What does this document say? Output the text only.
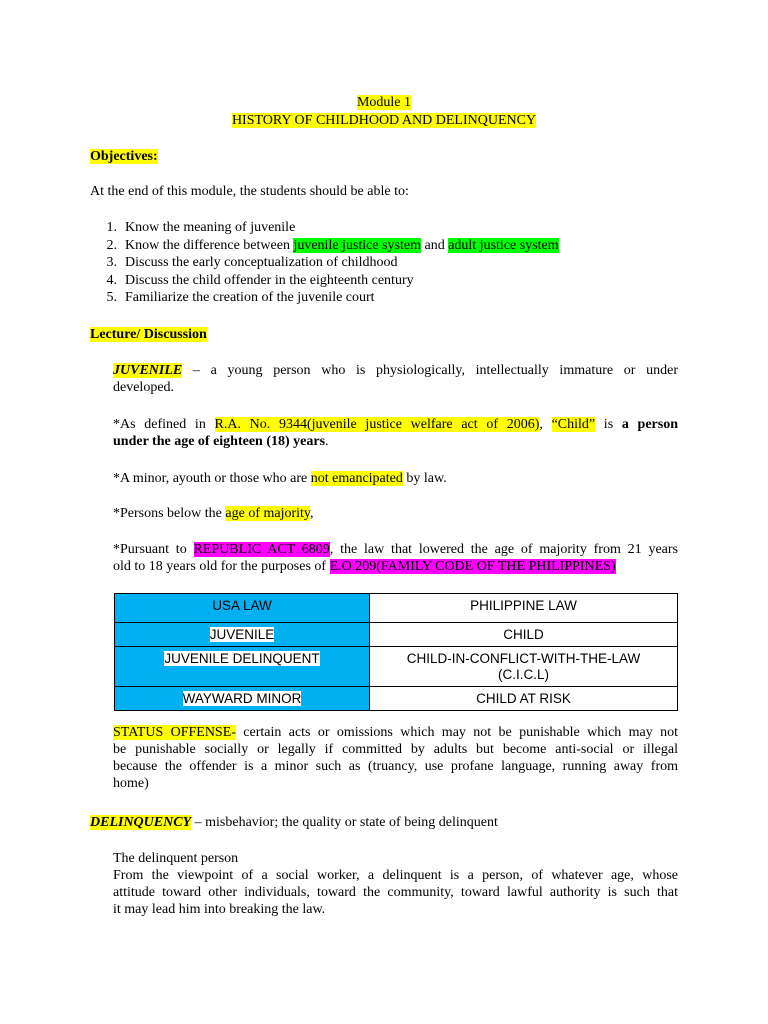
Module 1
HISTORY OF CHILDHOOD AND DELINQUENCY
Objectives:
At the end of this module, the students should be able to:
1. Know the meaning of juvenile
2. Know the difference between juvenile justice system and adult justice system
3. Discuss the early conceptualization of childhood
4. Discuss the child offender in the eighteenth century
5. Familiarize the creation of the juvenile court
Lecture/ Discussion
JUVENILE – a young person who is physiologically, intellectually immature or under
developed.
*As defined in R.A. No. 9344(juvenile justice welfare act of 2006), “Child” is a person
under the age of eighteen (18) years.
*A minor, ayouth or those who are not emancipated by law.
*Persons below the age of majority,
*Pursuant to REPUBLIC ACT 6809, the law that lowered the age of majority from 21 years
old to 18 years old for the purposes of E.O 209(FAMILY CODE OF THE PHILIPPINES)
USA LAW	PHILIPPINE LAW
JUVENILE	CHILD
JUVENILE DELINQUENT	CHILD-IN-CONFLICT-WITH-THE-LAW
(C.I.C.L)
WAYWARD MINOR	CHILD AT RISK
STATUS OFFENSE- certain acts or omissions which may not be punishable which may not
be punishable socially or legally if committed by adults but become anti-social or illegal
because the offender is a minor such as (truancy, use profane language, running away from
home)
DELINQUENCY – misbehavior; the quality or state of being delinquent
The delinquent person
From the viewpoint of a social worker, a delinquent is a person, of whatever age, whose
attitude toward other individuals, toward the community, toward lawful authority is such that
it may lead him into breaking the law.
